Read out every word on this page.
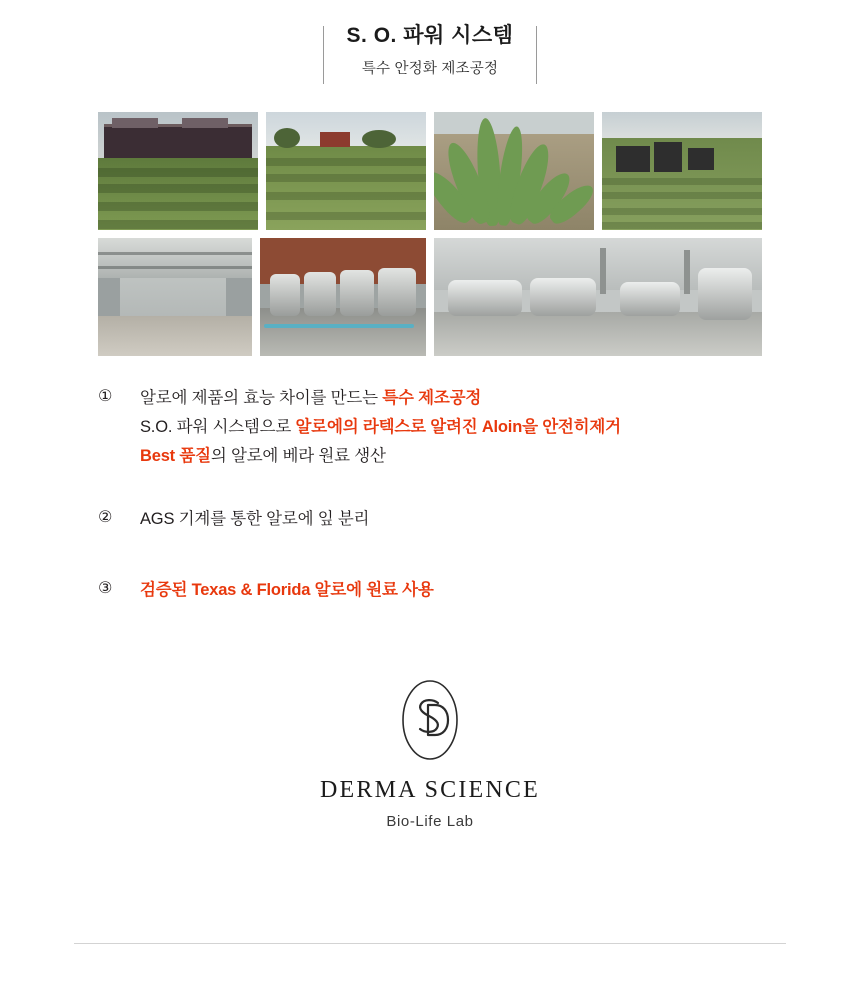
S. O. 파워 시스템
특수 안정화 제조공정
①	알로에 제품의 효능 차이를 만드는 특수 제조공정
S.O. 파워 시스템으로 알로에의 라텍스로 알려진 Aloin을 안전히제거
Best 품질의 알로에 베라 원료 생산
②	AGS 기계를 통한 알로에 잎 분리
③	검증된 Texas & Florida 알로에 원료 사용
DERMA SCIENCE
Bio-Life Lab
